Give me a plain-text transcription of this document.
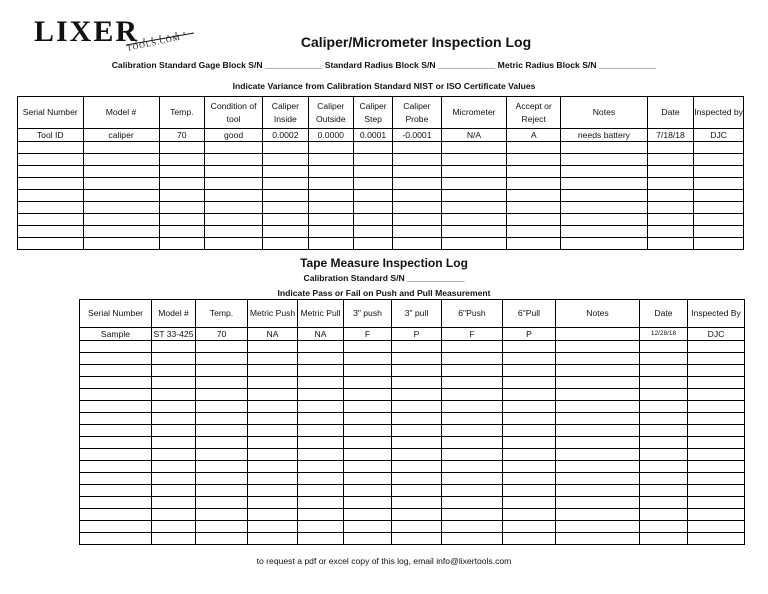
LIXER
TOOLS.COM	Caliper/Micrometer Inspection Log
Calibration Standard Gage Block S/N ____________ Standard Radius Block S/N ____________ Metric Radius Block S/N ____________
Indicate Variance from Calibration Standard NIST or ISO Certificate Values
Serial Number	Model #	Temp.	Condition of tool	Caliper Inside	Caliper Outside	Caliper Step	Caliper Probe	Micrometer	Accept or Reject	Notes	Date	Inspected by
Tool ID	caliper	70	good	0.0002	0.0000	0.0001	-0.0001	N/A	A	needs battery	7/18/18	DJC

Tape Measure Inspection Log
Calibration Standard S/N ____________
Indicate Pass or Fail on Push and Pull Measurement
Serial Number	Model #	Temp.	Metric Push	Metric Pull	3" push	3" pull	6"Push	6"Pull	Notes	Date	Inspected By
Sample	ST 33-425	70	NA	NA	F	P	F	P		12/28/18	DJC

to request a pdf or excel copy of this log, email info@lixertools.com
